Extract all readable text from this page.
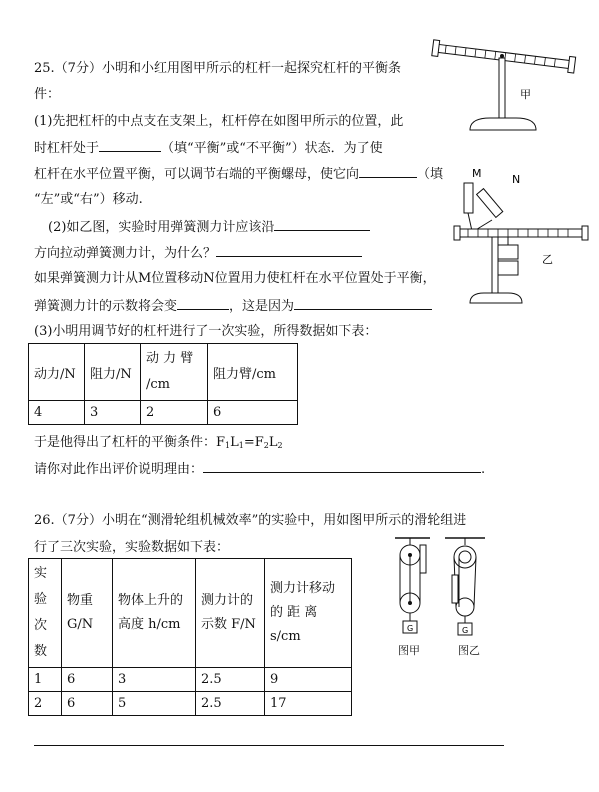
25.（7分）小明和小红用图甲所示的杠杆一起探究杠杆的平衡条
件：
(1)先把杠杆的中点支在支架上，杠杆停在如图甲所示的位置，此
时杠杆处于	（填“平衡”或“不平衡”）状态．为了使
杠杆在水平位置平衡，可以调节右端的平衡螺母，使它向	（填
“左”或“右”）移动.
(2)如乙图，实验时用弹簧测力计应该沿
方向拉动弹簧测力计，为什么？
如果弹簧测力计从M位置移动N位置用力使杠杆在水平位置处于平衡，
弹簧测力计的示数将会变	，这是因为
(3)小明用调节好的杠杆进行了一次实验，所得数据如下表：
动力/N	阻力/N	动 力 臂 /cm	阻力臂/cm
4	3	2	6
于是他得出了杠杆的平衡条件：F1L1=F2L2
请你对此作出评价说明理由：	.
甲
M	N
乙
26.（7分）小明在“测滑轮组机械效率”的实验中，用如图甲所示的滑轮组进
行了三次实验，实验数据如下表：
实 验 次 数	物重 G/N	物体上升的 高度 h/cm	测力计的 示数 F/N	测力计移动 的 距 离 s/cm
1	6	3	2.5	9
2	6	5	2.5	17
G	G
图甲	图乙
